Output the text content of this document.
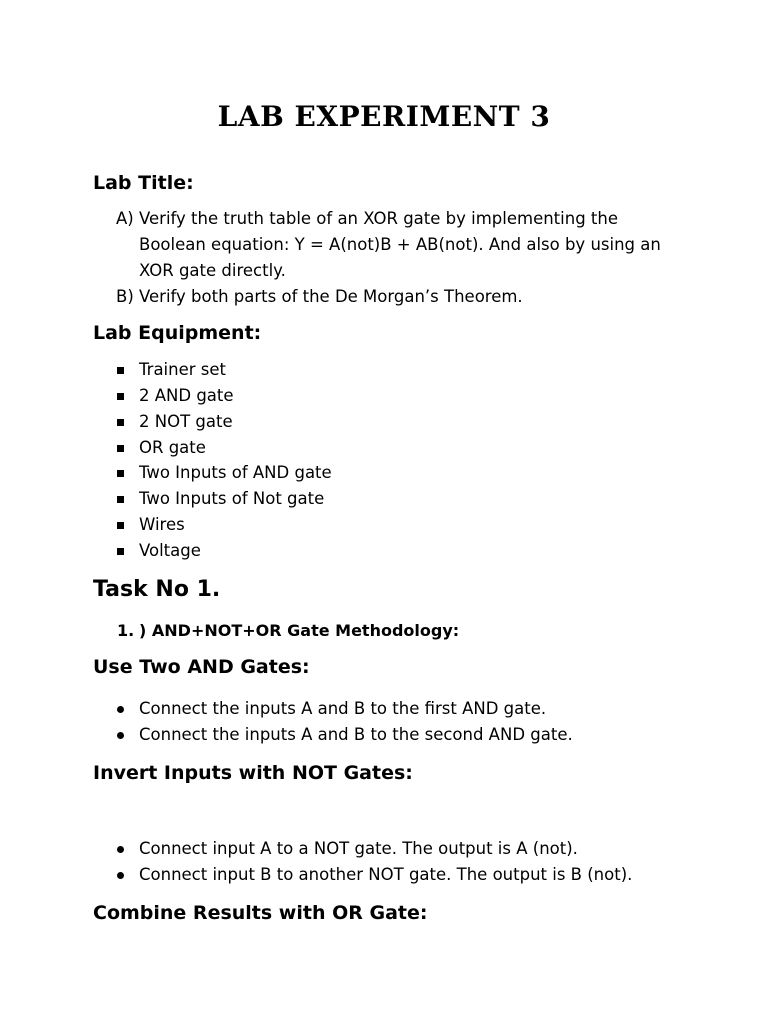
LAB EXPERIMENT 3
Lab Title:
A) Verify the truth table of an XOR gate by implementing the
Boolean equation: Y = A(not)B + AB(not). And also by using an
XOR gate directly.
B) Verify both parts of the De Morgan’s Theorem.
Lab Equipment:
Trainer set
2 AND gate
2 NOT gate
OR gate
Two Inputs of AND gate
Two Inputs of Not gate
Wires
Voltage
Task No 1.
1. ) AND+NOT+OR Gate Methodology:
Use Two AND Gates:
Connect the inputs A and B to the first AND gate.
Connect the inputs A and B to the second AND gate.
Invert Inputs with NOT Gates:
Connect input A to a NOT gate. The output is A (not).
Connect input B to another NOT gate. The output is B (not).
Combine Results with OR Gate:
